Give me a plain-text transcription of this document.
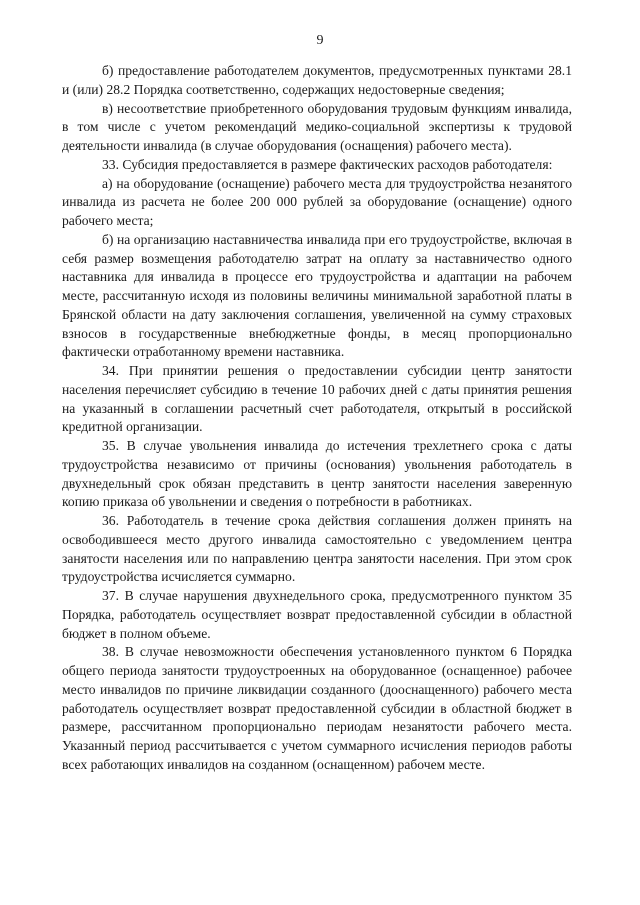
9

б) предоставление работодателем документов, предусмотренных пунктами 28.1 и (или) 28.2 Порядка соответственно, содержащих недостоверные сведения;

в) несоответствие приобретенного оборудования трудовым функциям инвалида, в том числе с учетом рекомендаций медико-социальной экспертизы к трудовой деятельности инвалида (в случае оборудования (оснащения) рабочего места).

33. Субсидия предоставляется в размере фактических расходов работодателя:

а) на оборудование (оснащение) рабочего места для трудоустройства незанятого инвалида из расчета не более 200 000 рублей за оборудование (оснащение) одного рабочего места;

б) на организацию наставничества инвалида при его трудоустройстве, включая в себя размер возмещения работодателю затрат на оплату за наставничество одного наставника для инвалида в процессе его трудоустройства и адаптации на рабочем месте, рассчитанную исходя из половины величины минимальной заработной платы в Брянской области на дату заключения соглашения, увеличенной на сумму страховых взносов в государственные внебюджетные фонды, в месяц пропорционально фактически отработанному времени наставника.

34. При принятии решения о предоставлении субсидии центр занятости населения перечисляет субсидию в течение 10 рабочих дней с даты принятия решения на указанный в соглашении расчетный счет работодателя, открытый в российской кредитной организации.

35. В случае увольнения инвалида до истечения трехлетнего срока с даты трудоустройства независимо от причины (основания) увольнения работодатель в двухнедельный срок обязан представить в центр занятости населения заверенную копию приказа об увольнении и сведения о потребности в работниках.

36. Работодатель в течение срока действия соглашения должен принять на освободившееся место другого инвалида самостоятельно с уведомлением центра занятости населения или по направлению центра занятости населения. При этом срок трудоустройства исчисляется суммарно.

37. В случае нарушения двухнедельного срока, предусмотренного пунктом 35 Порядка, работодатель осуществляет возврат предоставленной субсидии в областной бюджет в полном объеме.

38. В случае невозможности обеспечения установленного пунктом 6 Порядка общего периода занятости трудоустроенных на оборудованное (оснащенное) рабочее место инвалидов по причине ликвидации созданного (дооснащенного) рабочего места работодатель осуществляет возврат предоставленной субсидии в областной бюджет в размере, рассчитанном пропорционально периодам незанятости рабочего места. Указанный период рассчитывается с учетом суммарного исчисления периодов работы всех работающих инвалидов на созданном (оснащенном) рабочем месте.
